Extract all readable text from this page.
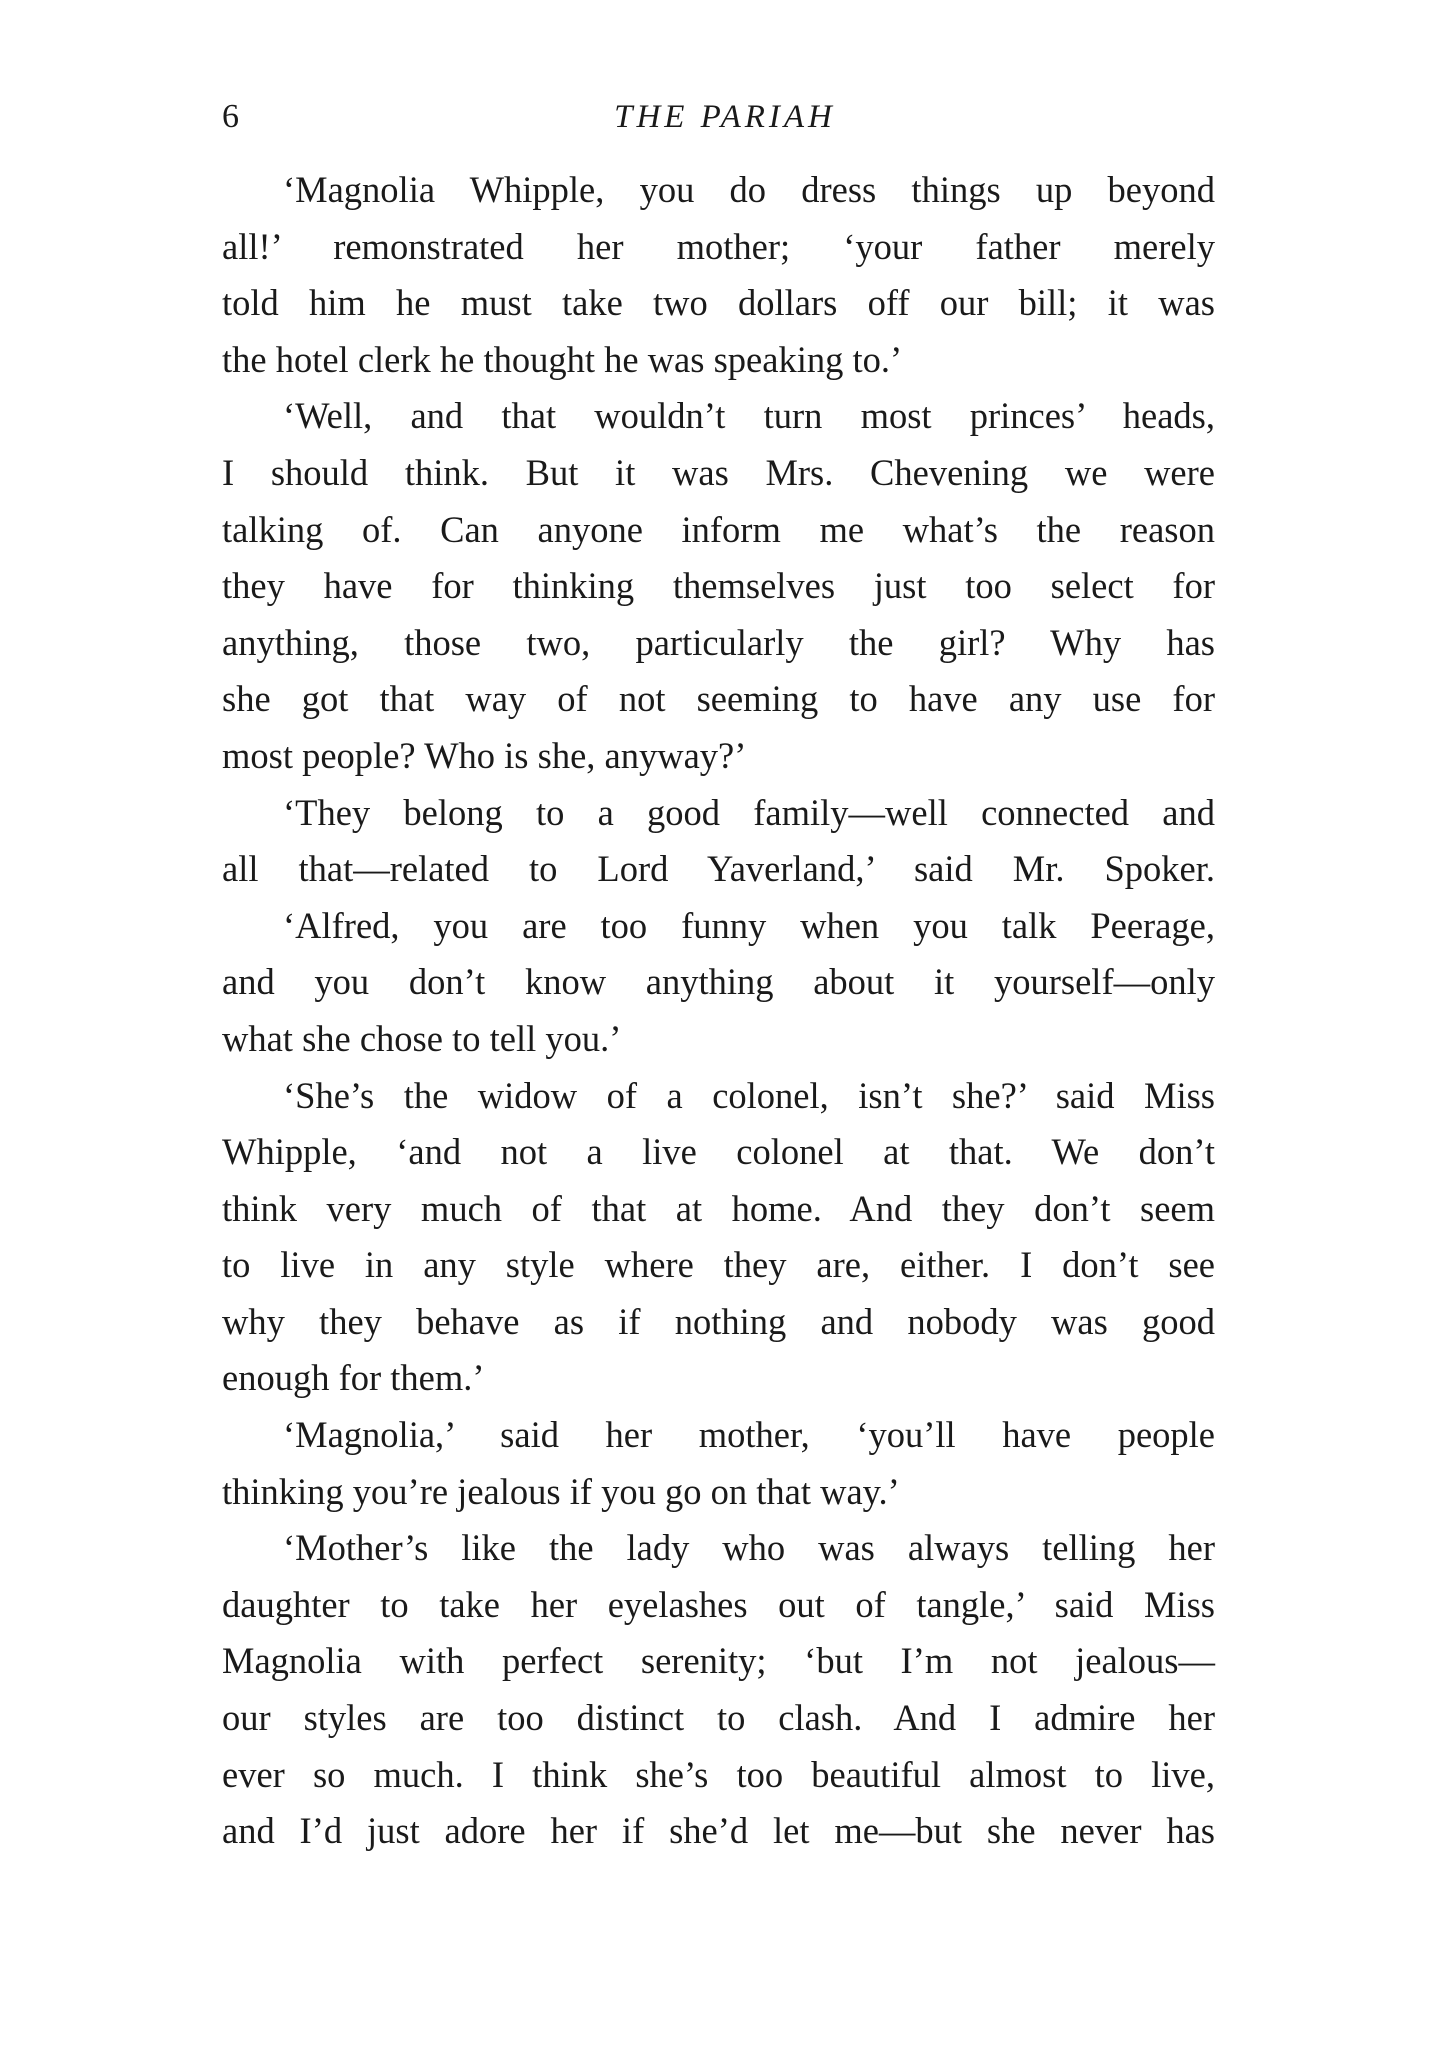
6	THE PARIAH
‘Magnolia Whipple, you do dress things up beyond
all!’ remonstrated her mother; ‘your father merely
told him he must take two dollars off our bill; it was
the hotel clerk he thought he was speaking to.’
‘Well, and that wouldn’t turn most princes’ heads,
I should think. But it was Mrs. Chevening we were
talking of. Can anyone inform me what’s the reason
they have for thinking themselves just too select for
anything, those two, particularly the girl? Why has
she got that way of not seeming to have any use for
most people? Who is she, anyway?’
‘They belong to a good family—well connected and
all that—related to Lord Yaverland,’ said Mr. Spoker.
‘Alfred, you are too funny when you talk Peerage,
and you don’t know anything about it yourself—only
what she chose to tell you.’
‘She’s the widow of a colonel, isn’t she?’ said Miss
Whipple, ‘and not a live colonel at that. We don’t
think very much of that at home. And they don’t seem
to live in any style where they are, either. I don’t see
why they behave as if nothing and nobody was good
enough for them.’
‘Magnolia,’ said her mother, ‘you’ll have people
thinking you’re jealous if you go on that way.’
‘Mother’s like the lady who was always telling her
daughter to take her eyelashes out of tangle,’ said Miss
Magnolia with perfect serenity; ‘but I’m not jealous—
our styles are too distinct to clash. And I admire her
ever so much. I think she’s too beautiful almost to live,
and I’d just adore her if she’d let me—but she never has
